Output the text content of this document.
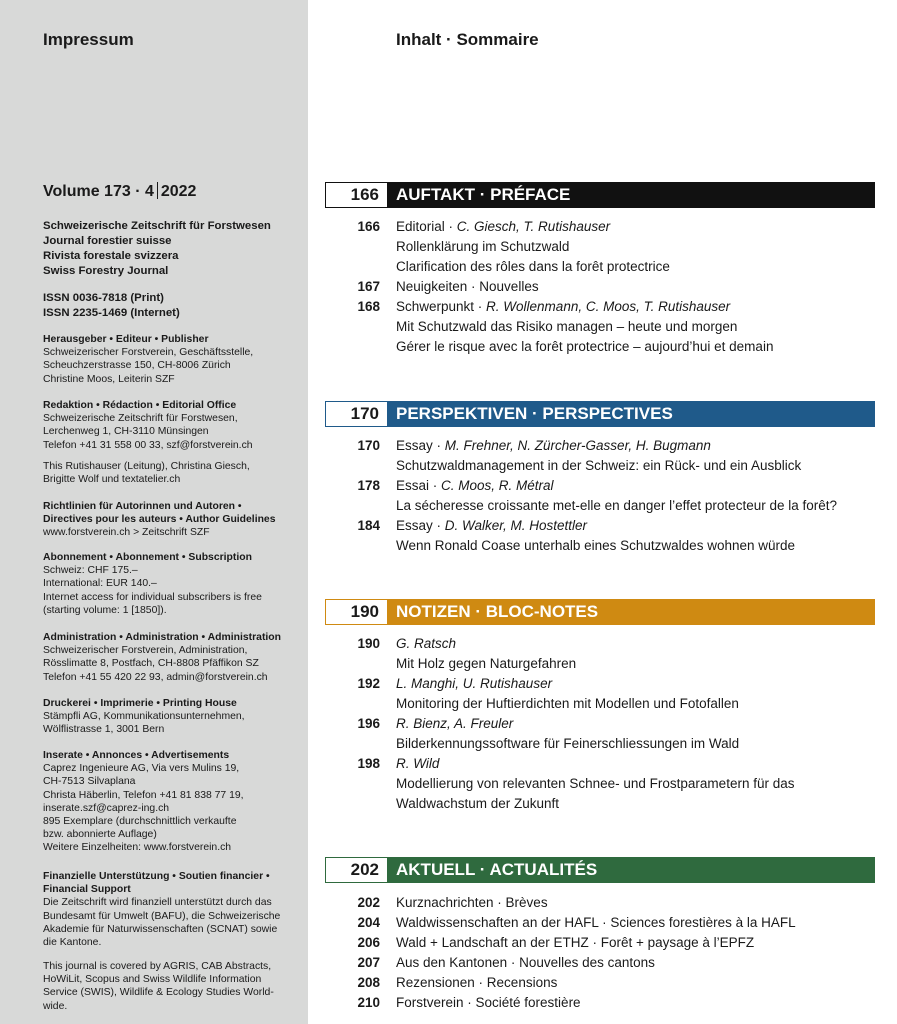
Impressum
Volume 173 · 4 2022
Schweizerische Zeitschrift für Forstwesen
Journal forestier suisse
Rivista forestale svizzera
Swiss Forestry Journal
ISSN 0036-7818 (Print)
ISSN 2235-1469 (Internet)
Herausgeber • Editeur • Publisher
Schweizerischer Forstverein, Geschäftsstelle,
Scheuchzerstrasse 150, CH-8006 Zürich
Christine Moos, Leiterin SZF
Redaktion • Rédaction • Editorial Office
Schweizerische Zeitschrift für Forstwesen,
Lerchenweg 1, CH-3110 Münsingen
Telefon +41 31 558 00 33, szf@forstverein.ch
This Rutishauser (Leitung), Christina Giesch,
Brigitte Wolf und textatelier.ch
Richtlinien für Autorinnen und Autoren •
Directives pour les auteurs • Author Guidelines
www.forstverein.ch > Zeitschrift SZF
Abonnement • Abonnement • Subscription
Schweiz: CHF 175.–
International: EUR 140.–
Internet access for individual subscribers is free
(starting volume: 1 [1850]).
Administration • Administration • Administration
Schweizerischer Forstverein, Administration,
Rösslimatte 8, Postfach, CH-8808 Pfäffikon SZ
Telefon +41 55 420 22 93, admin@forstverein.ch
Druckerei • Imprimerie • Printing House
Stämpfli AG, Kommunikationsunternehmen,
Wölflistrasse 1, 3001 Bern
Inserate • Annonces • Advertisements
Caprez Ingenieure AG, Via vers Mulins 19,
CH-7513 Silvaplana
Christa Häberlin, Telefon +41 81 838 77 19,
inserate.szf@caprez-ing.ch
895 Exemplare (durchschnittlich verkaufte
bzw. abonnierte Auflage)
Weitere Einzelheiten: www.forstverein.ch
Finanzielle Unterstützung • Soutien financier •
Financial Support
Die Zeitschrift wird finanziell unterstützt durch das
Bundesamt für Umwelt (BAFU), die Schweizerische
Akademie für Naturwissenschaften (SCNAT) sowie
die Kantone.
This journal is covered by AGRIS, CAB Abstracts,
HoWiLit, Scopus and Swiss Wildlife Information
Service (SWIS), Wildlife & Ecology Studies World-
wide.
Inhalt · Sommaire
166	AUFTAKT · PRÉFACE
166 Editorial · C. Giesch, T. Rutishauser
Rollenklärung im Schutzwald
Clarification des rôles dans la forêt protectrice
167 Neuigkeiten · Nouvelles
168 Schwerpunkt · R. Wollenmann, C. Moos, T. Rutishauser
Mit Schutzwald das Risiko managen – heute und morgen
Gérer le risque avec la forêt protectrice – aujourd’hui et demain
170	PERSPEKTIVEN · PERSPECTIVES
170 Essay · M. Frehner, N. Zürcher-Gasser, H. Bugmann
Schutzwaldmanagement in der Schweiz: ein Rück- und ein Ausblick
178 Essai · C. Moos, R. Métral
La sécheresse croissante met-elle en danger l’effet protecteur de la forêt?
184 Essay · D. Walker, M. Hostettler
Wenn Ronald Coase unterhalb eines Schutzwaldes wohnen würde
190	NOTIZEN · BLOC-NOTES
190 G. Ratsch
Mit Holz gegen Naturgefahren
192 L. Manghi, U. Rutishauser
Monitoring der Huftierdichten mit Modellen und Fotofallen
196 R. Bienz, A. Freuler
Bilderkennungssoftware für Feinerschliessungen im Wald
198 R. Wild
Modellierung von relevanten Schnee- und Frostparametern für das
Waldwachstum der Zukunft
202	AKTUELL · ACTUALITÉS
202 Kurznachrichten · Brèves
204 Waldwissenschaften an der HAFL · Sciences forestières à la HAFL
206 Wald + Landschaft an der ETHZ · Forêt + paysage à l’EPFZ
207 Aus den Kantonen · Nouvelles des cantons
208 Rezensionen · Recensions
210 Forstverein · Société forestière
